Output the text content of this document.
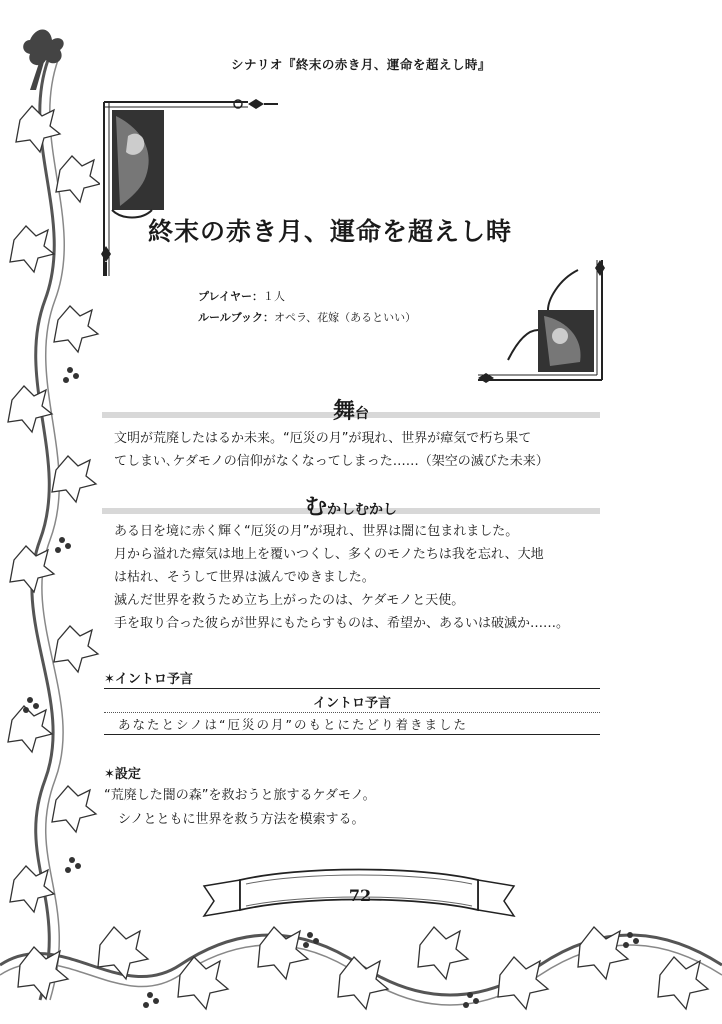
シナリオ『終末の赤き月、運命を超えし時』
終末の赤き月、運命を超えし時
プレイヤー：１人
ルールブック：オペラ、花嫁（あるといい）
舞台
文明が荒廃したはるか未来。“厄災の月”が現れ、世界が瘴気で朽ち果て
てしまい､ケダモノの信仰がなくなってしまった……（架空の滅びた未来）
むかしむかし
ある日を境に赤く輝く“厄災の月”が現れ、世界は闇に包まれました。
月から溢れた瘴気は地上を覆いつくし、多くのモノたちは我を忘れ、大地
は枯れ、そうして世界は滅んでゆきました。
滅んだ世界を救うため立ち上がったのは、ケダモノと天使。
手を取り合った彼らが世界にもたらすものは、希望か、あるいは破滅か……。
✶イントロ予言
イントロ予言
あなたとシノは“厄災の月”のもとにたどり着きました
✶設定
“荒廃した闇の森”を救おうと旅するケダモノ。
シノとともに世界を救う方法を模索する。
72
